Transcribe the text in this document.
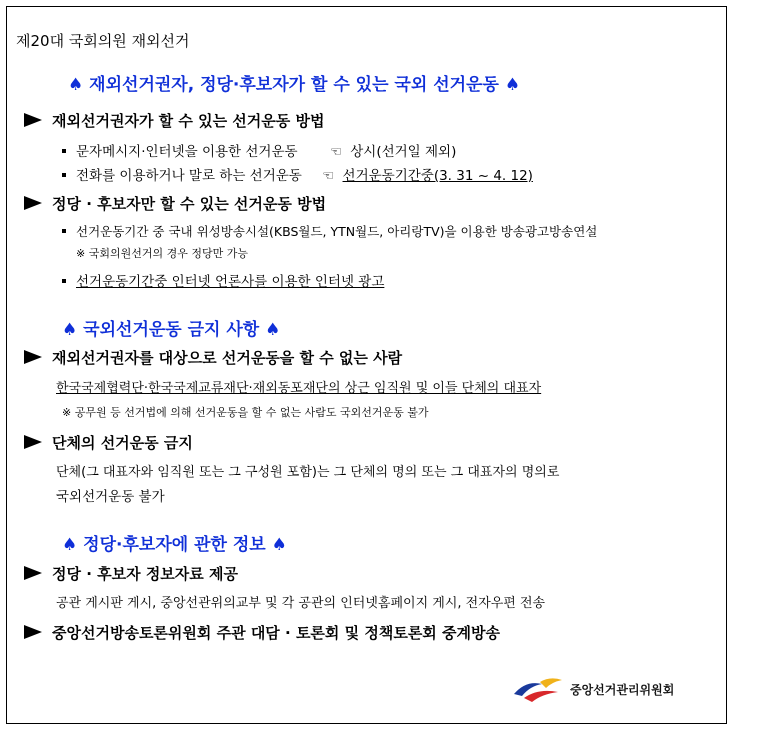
제20대 국회의원 재외선거
♠ 재외선거권자, 정당·후보자가 할 수 있는 국외 선거운동 ♠
재외선거권자가 할 수 있는 선거운동 방법
문자메시지·인터넷을 이용한 선거운동 ☜ 상시(선거일 제외)
전화를 이용하거나 말로 하는 선거운동 ☜ 선거운동기간중(3. 31 ~ 4. 12)
정당 · 후보자만 할 수 있는 선거운동 방법
선거운동기간 중 국내 위성방송시설(KBS월드, YTN월드, 아리랑TV)을 이용한 방송광고방송연설
※ 국회의원선거의 경우 정당만 가능
선거운동기간중 인터넷 언론사를 이용한 인터넷 광고
♠ 국외선거운동 금지 사항 ♠
재외선거권자를 대상으로 선거운동을 할 수 없는 사람
한국국제협력단·한국국제교류재단·재외동포재단의 상근 임직원 및 이들 단체의 대표자
※ 공무원 등 선거법에 의해 선거운동을 할 수 없는 사람도 국외선거운동 불가
단체의 선거운동 금지
단체(그 대표자와 임직원 또는 그 구성원 포함)는 그 단체의 명의 또는 그 대표자의 명의로
국외선거운동 불가
♠ 정당·후보자에 관한 정보 ♠
정당 · 후보자 정보자료 제공
공관 게시판 게시, 중앙선관위의교부 및 각 공관의 인터넷홈페이지 게시, 전자우편 전송
중앙선거방송토론위원회 주관 대담 · 토론회 및 정책토론회 중계방송
중앙선거관리위원회
